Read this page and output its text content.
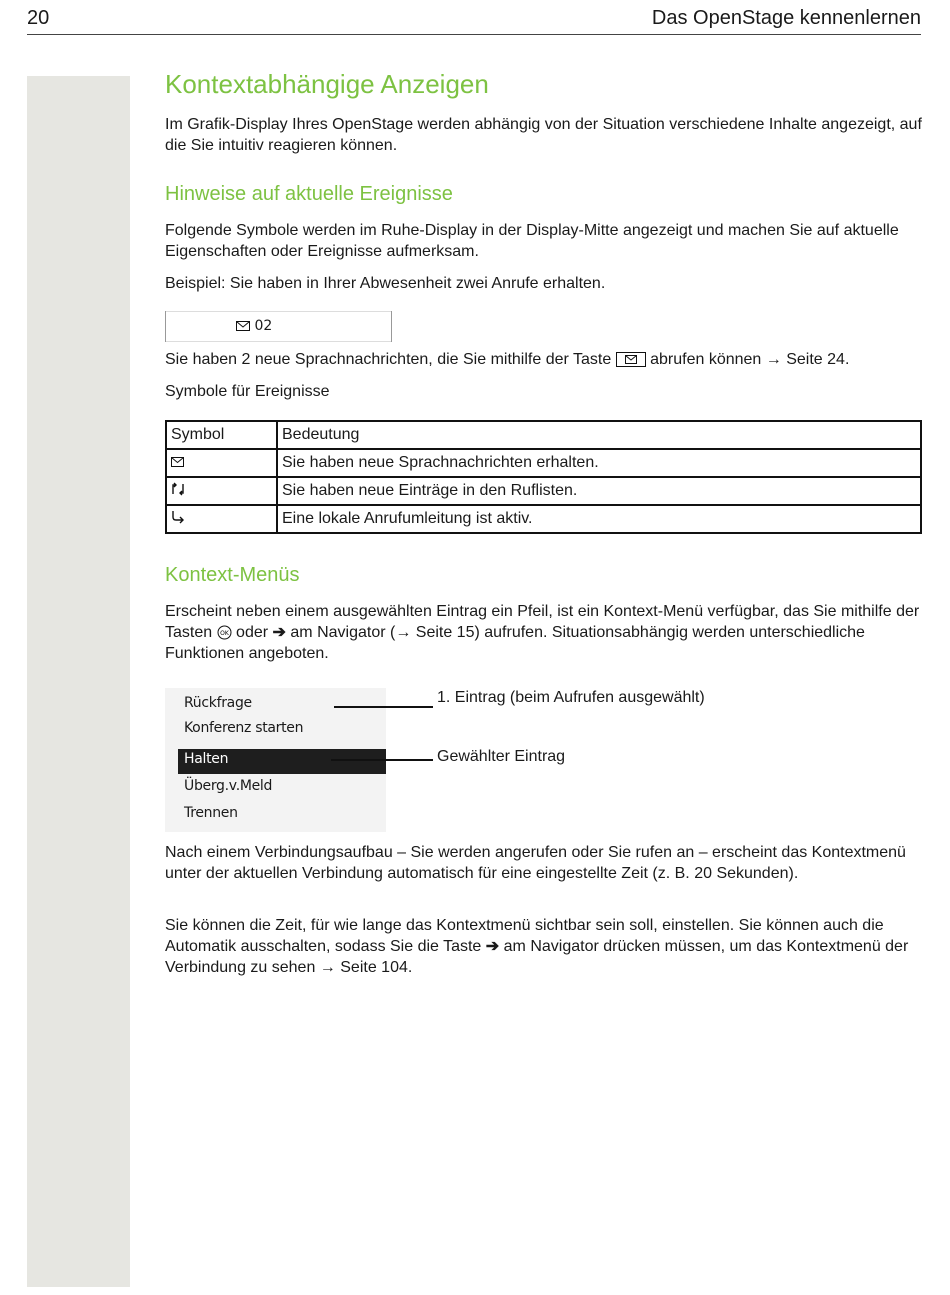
20	Das OpenStage kennenlernen
Kontextabhängige Anzeigen

Im Grafik-Display Ihres OpenStage werden abhängig von der Situation verschiedene Inhalte angezeigt, auf die Sie intuitiv reagieren können.

Hinweise auf aktuelle Ereignisse

Folgende Symbole werden im Ruhe-Display in der Display-Mitte angezeigt und machen Sie auf aktuelle Eigenschaften oder Ereignisse aufmerksam.

Beispiel: Sie haben in Ihrer Abwesenheit zwei Anrufe erhalten.

02

Sie haben 2 neue Sprachnachrichten, die Sie mithilfe der Taste abrufen können → Seite 24.

Symbole für Ereignisse

Symbol	Bedeutung
	Sie haben neue Sprachnachrichten erhalten.
	Sie haben neue Einträge in den Ruflisten.
	Eine lokale Anrufumleitung ist aktiv.
Kontext-Menüs

Erscheint neben einem ausgewählten Eintrag ein Pfeil, ist ein Kontext-Menü verfügbar, das Sie mithilfe der Tasten OK oder ➔ am Navigator (→ Seite 15) aufrufen. Situationsabhängig werden unterschiedliche Funktionen angeboten.

Rückfrage
Konferenz starten
Halten
Überg.v.Meld
Trennen
1. Eintrag (beim Aufrufen ausgewählt)
Gewählter Eintrag

Nach einem Verbindungsaufbau – Sie werden angerufen oder Sie rufen an – erscheint das Kontextmenü unter der aktuellen Verbindung automatisch für eine eingestellte Zeit (z. B. 20 Sekunden).

Sie können die Zeit, für wie lange das Kontextmenü sichtbar sein soll, einstellen. Sie können auch die Automatik ausschalten, sodass Sie die Taste ➔ am Navigator drücken müssen, um das Kontextmenü der Verbindung zu sehen → Seite 104.
